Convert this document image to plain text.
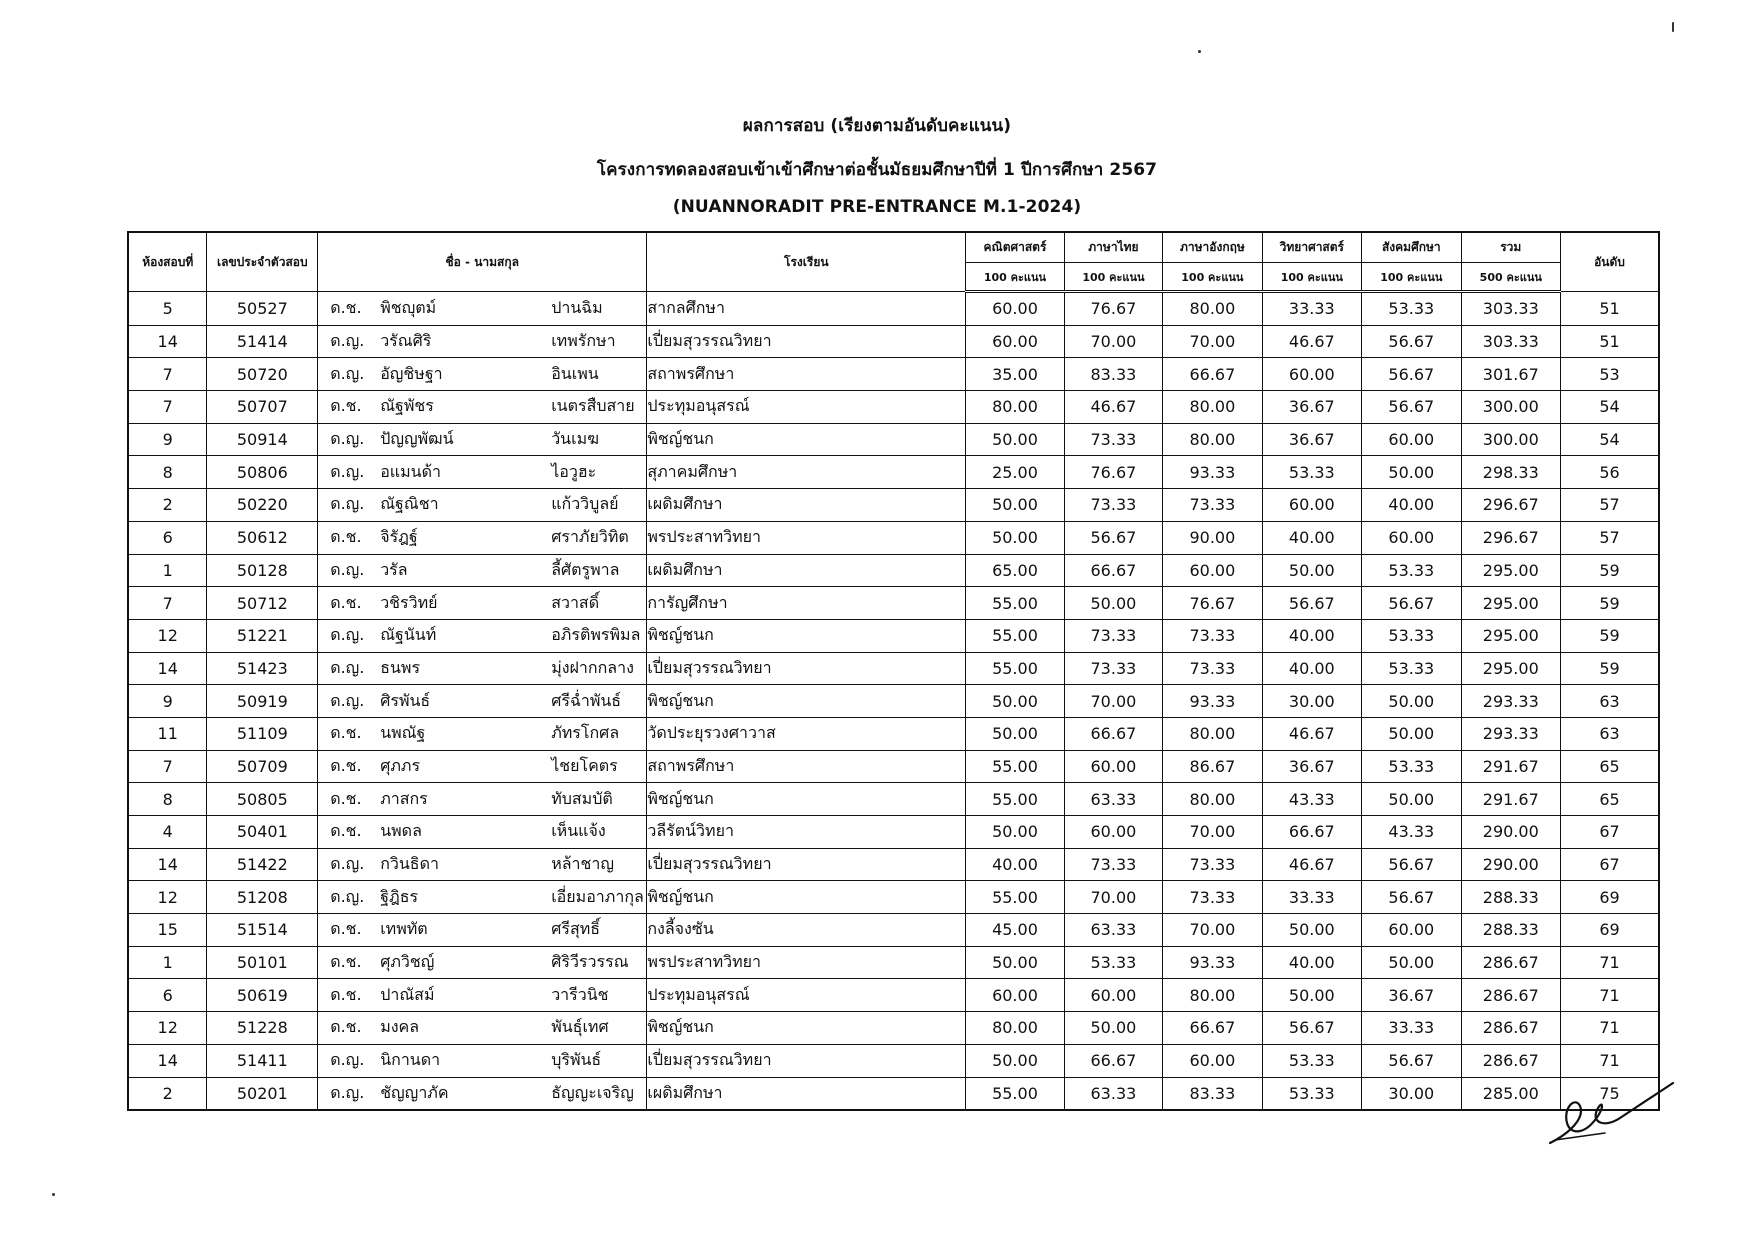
ผลการสอบ (เรียงตามอันดับคะแนน)
โครงการทดลองสอบเข้าเข้าศึกษาต่อชั้นมัธยมศึกษาปีที่ 1 ปีการศึกษา 2567
(NUANNORADIT PRE-ENTRANCE M.1-2024)
ห้องสอบที่	เลขประจำตัวสอบ	ชื่อ - นามสกุล	โรงเรียน	คณิตศาสตร์	ภาษาไทย	ภาษาอังกฤษ	วิทยาศาสตร์	สังคมศึกษา	รวม	อันดับ
				100 คะแนน	100 คะแนน	100 คะแนน	100 คะแนน	100 คะแนน	500 คะแนน	
5	50527	ด.ช. พิชญุตม์ ปานฉิม	สากลศึกษา	60.00	76.67	80.00	33.33	53.33	303.33	51
14	51414	ด.ญ. วรัณศิริ เทพรักษา	เปี่ยมสุวรรณวิทยา	60.00	70.00	70.00	46.67	56.67	303.33	51
7	50720	ด.ญ. อัญชิษฐา อินเพน	สถาพรศึกษา	35.00	83.33	66.67	60.00	56.67	301.67	53
7	50707	ด.ช. ณัฐพัชร เนตรสืบสาย	ประทุมอนุสรณ์	80.00	46.67	80.00	36.67	56.67	300.00	54
9	50914	ด.ญ. ปัญญพัฒน์ วันเมฆ	พิชญ์ชนก	50.00	73.33	80.00	36.67	60.00	300.00	54
8	50806	ด.ญ. อแมนด้า ไอวูฮะ	สุภาคมศึกษา	25.00	76.67	93.33	53.33	50.00	298.33	56
2	50220	ด.ญ. ณัฐณิชา แก้ววิบูลย์	เผดิมศึกษา	50.00	73.33	73.33	60.00	40.00	296.67	57
6	50612	ด.ช. จิรัฎฐ์ ศราภัยวิทิต	พรประสาทวิทยา	50.00	56.67	90.00	40.00	60.00	296.67	57
1	50128	ด.ญ. วรัล ลี้ศัตรูพาล	เผดิมศึกษา	65.00	66.67	60.00	50.00	53.33	295.00	59
7	50712	ด.ช. วชิรวิทย์ สวาสดิ์	การัญศึกษา	55.00	50.00	76.67	56.67	56.67	295.00	59
12	51221	ด.ญ. ณัฐนันท์ อภิรติพรพิมล	พิชญ์ชนก	55.00	73.33	73.33	40.00	53.33	295.00	59
14	51423	ด.ญ. ธนพร มุ่งฝากกลาง	เปี่ยมสุวรรณวิทยา	55.00	73.33	73.33	40.00	53.33	295.00	59
9	50919	ด.ญ. ศิรพันธ์ ศรีฉ่ำพันธ์	พิชญ์ชนก	50.00	70.00	93.33	30.00	50.00	293.33	63
11	51109	ด.ช. นพณัฐ ภัทรโกศล	วัดประยุรวงศาวาส	50.00	66.67	80.00	46.67	50.00	293.33	63
7	50709	ด.ช. ศุภภร ไชยโคตร	สถาพรศึกษา	55.00	60.00	86.67	36.67	53.33	291.67	65
8	50805	ด.ช. ภาสกร ทับสมบัติ	พิชญ์ชนก	55.00	63.33	80.00	43.33	50.00	291.67	65
4	50401	ด.ช. นพดล เห็นแจ้ง	วลีรัตน์วิทยา	50.00	60.00	70.00	66.67	43.33	290.00	67
14	51422	ด.ญ. กวินธิดา หล้าชาญ	เปี่ยมสุวรรณวิทยา	40.00	73.33	73.33	46.67	56.67	290.00	67
12	51208	ด.ญ. ฐิฎิธร เอี่ยมอาภากุล	พิชญ์ชนก	55.00	70.00	73.33	33.33	56.67	288.33	69
15	51514	ด.ช. เทพทัต ศรีสุทธิ์	กงลี้จงซัน	45.00	63.33	70.00	50.00	60.00	288.33	69
1	50101	ด.ช. ศุภวิชญ์ ศิริวีรวรรณ	พรประสาทวิทยา	50.00	53.33	93.33	40.00	50.00	286.67	71
6	50619	ด.ช. ปาณัสม์ วารีวนิช	ประทุมอนุสรณ์	60.00	60.00	80.00	50.00	36.67	286.67	71
12	51228	ด.ช. มงคล พันธุ์เทศ	พิชญ์ชนก	80.00	50.00	66.67	56.67	33.33	286.67	71
14	51411	ด.ญ. นิกานดา บุริพันธ์	เปี่ยมสุวรรณวิทยา	50.00	66.67	60.00	53.33	56.67	286.67	71
2	50201	ด.ญ. ชัญญาภัค ธัญญะเจริญ	เผดิมศึกษา	55.00	63.33	83.33	53.33	30.00	285.00	75
